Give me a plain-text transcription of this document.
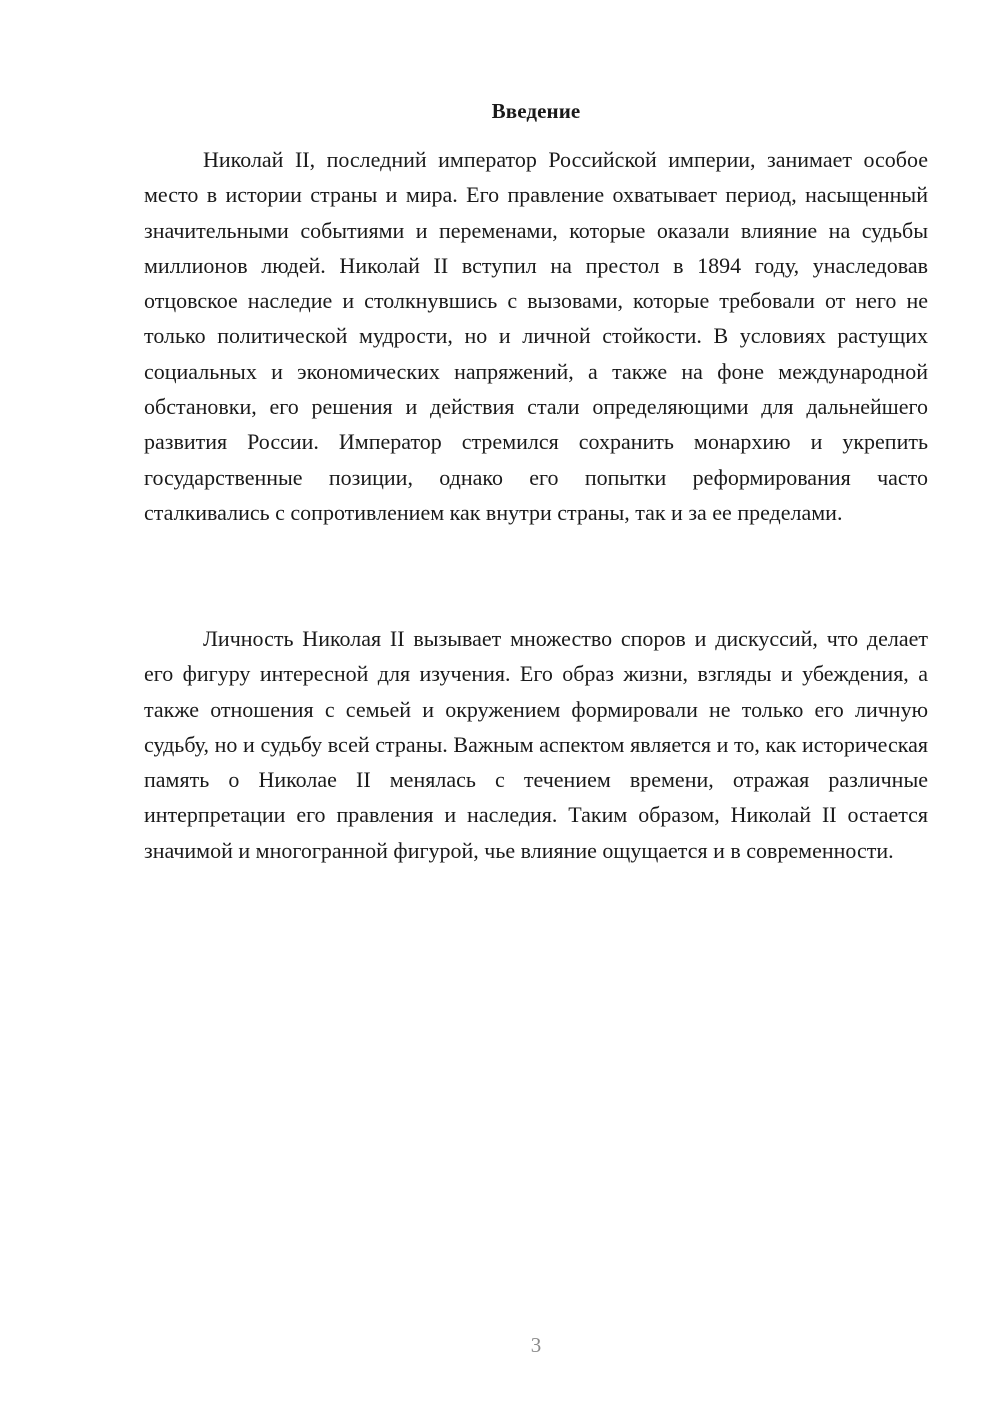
Введение

Николай II, последний император Российской империи, занимает особое место в истории страны и мира. Его правление охватывает период, насыщенный значительными событиями и переменами, которые оказали влияние на судьбы миллионов людей. Николай II вступил на престол в 1894 году, унаследовав отцовское наследие и столкнувшись с вызовами, которые требовали от него не только политической мудрости, но и личной стойкости. В условиях растущих социальных и экономических напряжений, а также на фоне международной обстановки, его решения и действия стали определяющими для дальнейшего развития России. Император стремился сохранить монархию и укрепить государственные позиции, однако его попытки реформирования часто сталкивались с сопротивлением как внутри страны, так и за ее пределами.

Личность Николая II вызывает множество споров и дискуссий, что делает его фигуру интересной для изучения. Его образ жизни, взгляды и убеждения, а также отношения с семьей и окружением формировали не только его личную судьбу, но и судьбу всей страны. Важным аспектом является и то, как историческая память о Николае II менялась с течением времени, отражая различные интерпретации его правления и наследия. Таким образом, Николай II остается значимой и многогранной фигурой, чье влияние ощущается и в современности.

3
